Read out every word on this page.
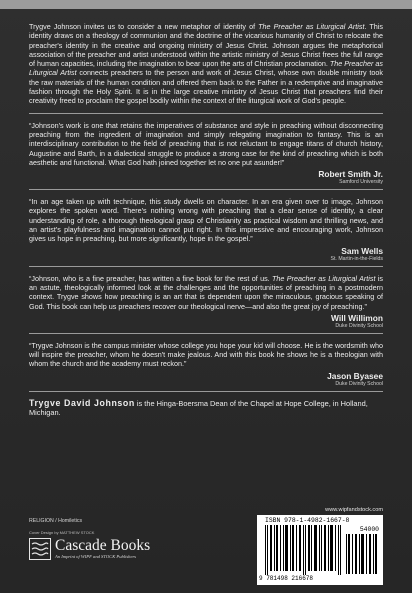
Trygve Johnson invites us to consider a new metaphor of identity of The Preacher as Liturgical Artist. This identity draws on a theology of communion and the doctrine of the vicarious humanity of Christ to relocate the preacher's identity in the creative and ongoing ministry of Jesus Christ. Johnson argues the metaphorical association of the preacher and artist understood within the artistic ministry of Jesus Christ frees the full range of human capacities, including the imagination to bear upon the arts of Christian proclamation. The Preacher as Liturgical Artist connects preachers to the person and work of Jesus Christ, whose own double ministry took the raw materials of the human condition and offered them back to the Father in a redemptive and imaginative fashion through the Holy Spirit. It is in the large creative ministry of Jesus Christ that preachers find their creativity freed to proclaim the gospel bodily within the context of the liturgical work of God's people.

“Johnson's work is one that retains the imperatives of substance and style in preaching without disconnecting preaching from the ingredient of imagination and simply relegating imagination to fantasy. This is an interdisciplinary contribution to the field of preaching that is not reluctant to engage titans of church history, Augustine and Barth, in a dialectical struggle to produce a strong case for the kind of preaching which is both aesthetic and functional. What God hath joined together let no one put asunder!”

Robert Smith Jr.
Samford University

“In an age taken up with technique, this study dwells on character. In an era given over to image, Johnson explores the spoken word. There's nothing wrong with preaching that a clear sense of identity, a clear understanding of role, a thorough theological grasp of Christianity as practical wisdom and thrilling news, and an artist's playfulness and imagination cannot put right. In this impressive and encouraging work, Johnson gives us hope in preaching, but more significantly, hope in the gospel.”

Sam Wells
St. Martin-in-the-Fields

“Johnson, who is a fine preacher, has written a fine book for the rest of us. The Preacher as Liturgical Artist is an astute, theologically informed look at the challenges and the opportunities of preaching in a postmodern context. Trygve shows how preaching is an art that is dependent upon the miraculous, gracious speaking of God. This book can help us preachers recover our theological nerve—and also the great joy of preaching.”

Will Willimon
Duke Divinity School

“Trygve Johnson is the campus minister whose college you hope your kid will choose. He is the wordsmith who will inspire the preacher, whom he doesn't make jealous. And with this book he shows he is a theologian with whom the church and the academy must reckon.”

Jason Byasee
Duke Divinity School

Trygve David Johnson is the Hinga-Boersma Dean of the Chapel at Hope College, in Holland, Michigan.

RELIGION / Homiletics
Cover Design by MATTHEW STOCK
Cascade Books
An Imprint of WIPF and STOCK Publishers
www.wipfandstock.com
ISBN 978-1-4982-1667-8
54000
9 781498 216678
